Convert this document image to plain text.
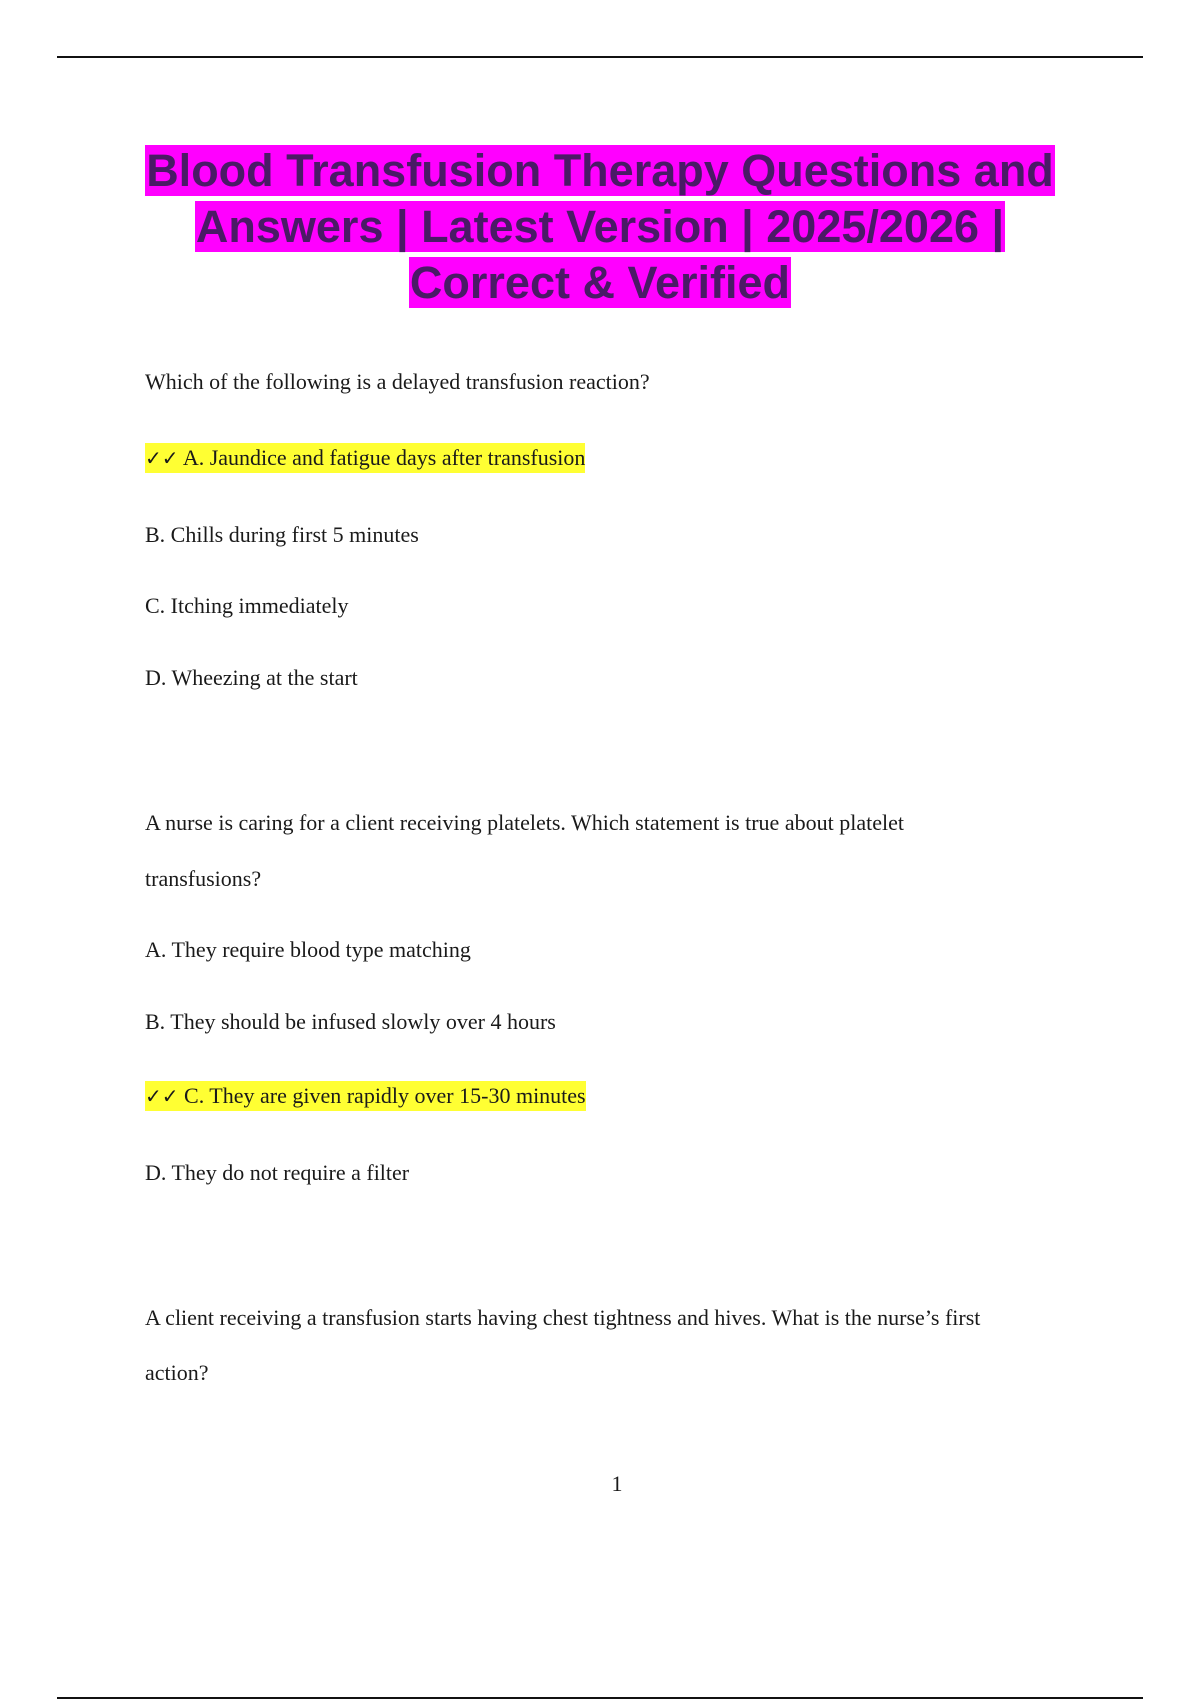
Blood Transfusion Therapy Questions and Answers | Latest Version | 2025/2026 | Correct & Verified
Which of the following is a delayed transfusion reaction?
✓✓ A. Jaundice and fatigue days after transfusion
B. Chills during first 5 minutes
C. Itching immediately
D. Wheezing at the start
A nurse is caring for a client receiving platelets. Which statement is true about platelet
transfusions?
A. They require blood type matching
B. They should be infused slowly over 4 hours
✓✓ C. They are given rapidly over 15-30 minutes
D. They do not require a filter
A client receiving a transfusion starts having chest tightness and hives. What is the nurse’s first
action?
1
